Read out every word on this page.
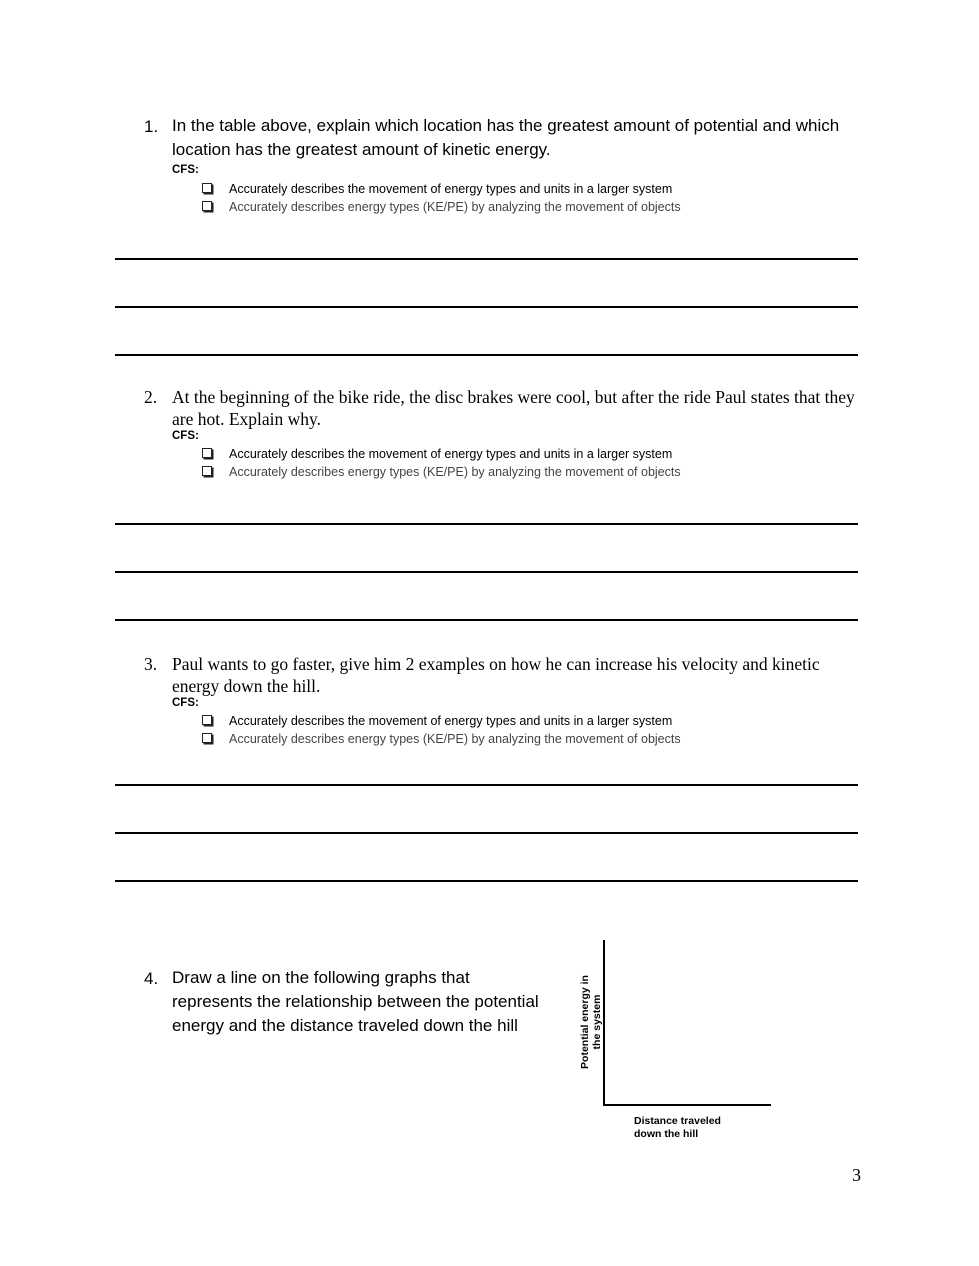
1. In the table above, explain which location has the greatest amount of potential and which location has the greatest amount of kinetic energy.
CFS:
Accurately describes the movement of energy types and units in a larger system
Accurately describes energy types (KE/PE) by analyzing the movement of objects
2. At the beginning of the bike ride, the disc brakes were cool, but after the ride Paul states that they are hot. Explain why.
CFS:
Accurately describes the movement of energy types and units in a larger system
Accurately describes energy types (KE/PE) by analyzing the movement of objects
3. Paul wants to go faster, give him 2 examples on how he can increase his velocity and kinetic energy down the hill.
CFS:
Accurately describes the movement of energy types and units in a larger system
Accurately describes energy types (KE/PE) by analyzing the movement of objects
4. Draw a line on the following graphs that represents the relationship between the potential energy and the distance traveled down the hill	Potential energy in the system
Distance traveled down the hill
3
